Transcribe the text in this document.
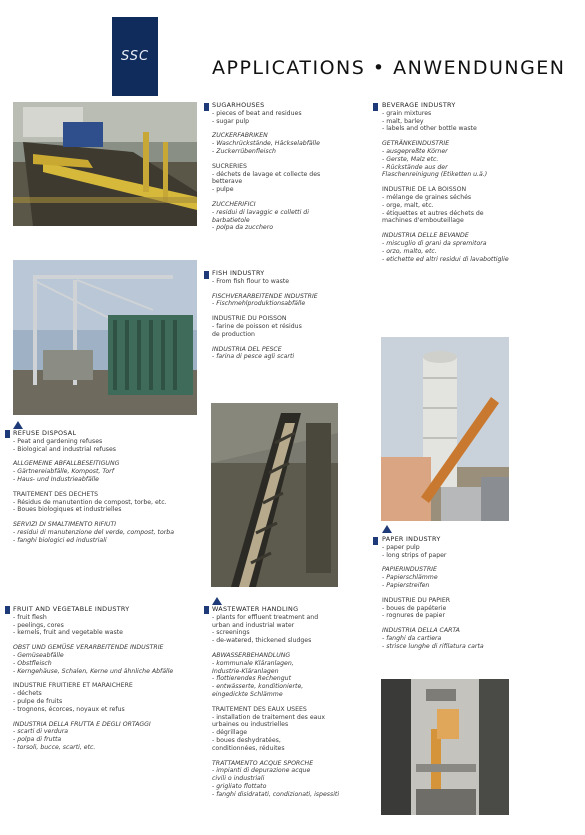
SSC
APPLICATIONS • ANWENDUNGEN
SUGARHOUSES
- pieces of beat and residues
- sugar pulp
ZUCKERFABRIKEN
- Waschrückstände, Häckselabfälle
- Zuckerrübenfleisch
SUCRERIES
- déchets de lavage et collecte des
betterave
- pulpe
ZUCCHERIFICI
- residui di lavaggic e colletti di
barbatietole
- polpa da zucchero
BEVERAGE INDUSTRY
- grain mixtures
- malt, barley
- labels and other bottle waste
GETRÄNKEINDUSTRIE
- ausgepreßte Körner
- Gerste, Malz etc.
- Rückstände aus der
Flaschenreinigung (Etiketten u.ä.)
INDUSTRIE DE LA BOISSON
- mélange de graines séchés
- orge, malt, etc.
- étiquettes et autres déchets de
machines d'embouteillage
INDUSTRIA DELLE BEVANDE
- miscuglio di grani da spremitora
- orzo, malto, etc.
- etichette ed altri residui di lavabottiglie
FISH INDUSTRY
- From fish flour to waste
FISCHVERARBEITENDE INDUSTRIE
- Fischmehlproduktionsabfälle
INDUSTRIE DU POISSON
- farine de poisson et résidus
de production
INDUSTRIA DEL PESCE
- farina di pesce agli scarti
REFUSE DISPOSAL
- Peat and gardening refuses
- Biological and industrial refuses
ALLGEMEINE ABFALLBESEITIGUNG
- Gärtnereiabfälle, Kompost, Torf
- Haus- und Industrieabfälle
TRAITEMENT DES DECHETS
- Résidus de manutention de compost, torbe, etc.
- Boues biologiques et industrielles
SERVIZI DI SMALTIMENTO RIFIUTI
- residui di manutenzione del verde, compost, torba
- fanghi biologici ed industriali	PAPER INDUSTRY
- paper pulp
- long strips of paper
PAPIERINDUSTRIE
- Papierschlämme
- Papierstreifen
INDUSTRIE DU PAPIER
- boues de papéterie
- rognures de papier
INDUSTRIA DELLA CARTA
- fanghi da cartiera
- strisce lunghe di rifilatura carta
FRUIT AND VEGETABLE INDUSTRY
- fruit flesh
- peelings, cores
- kernels, fruit and vegetable waste
OBST UND GEMÜSE VERARBEITENDE INDUSTRIE
- Gemüseabfälle
- Obstfleisch
- Kerngehäuse, Schalen, Kerne und ähnliche Abfälle
INDUSTRIE FRUITIERE ET MARAICHERE
- déchets
- pulpe de fruits
- trognons, écorces, noyaux et refus
INDUSTRIA DELLA FRUTTA E DEGLI ORTAGGI
- scarti di verdura
- polpa di frutta
- torsoli, bucce, scarti, etc.
WASTEWATER HANDLING
- plants for effluent treatment and
urban and industrial water
- screenings
- de-watered, thickened sludges
ABWASSERBEHANDLUNG
- kommunale Kläranlagen,
Industrie-Kläranlagen
- flottierendes Rechengut
- entwässerte, konditionierte,
eingedickte Schlämme
TRAITEMENT DES EAUX USEES
- installation de traitement des eaux
urbaines ou industrielles
- dégrillage
- boues deshydratées,
conditionnées, réduites
TRATTAMENTO ACQUE SPORCHE
- impianti di depurazione acque
civili o industriali
- grigliato flottato
- fanghi disidratati, condizionati, ispessiti
